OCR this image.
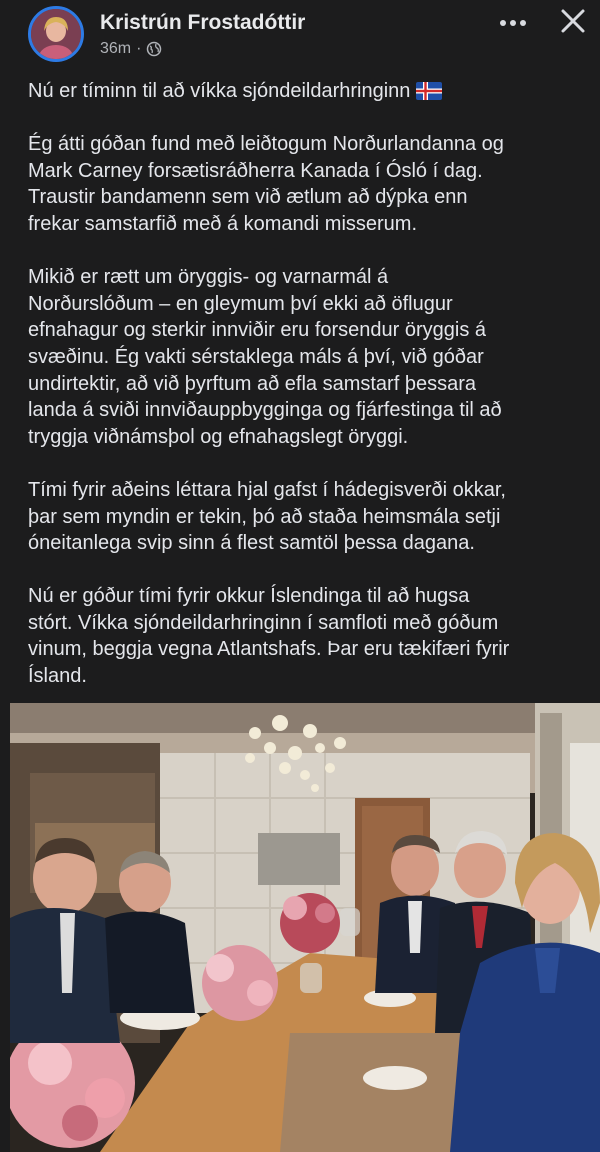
Kristrún Frostadóttir
36m ·

Nú er tíminn til að víkka sjóndeildarhringinn

Ég átti góðan fund með leiðtogum Norðurlandanna og
Mark Carney forsætisráðherra Kanada í Ósló í dag.
Traustir bandamenn sem við ætlum að dýpka enn
frekar samstarfið með á komandi misserum.

Mikið er rætt um öryggis- og varnarmál á
Norðurslóðum – en gleymum því ekki að öflugur
efnahagur og sterkir innviðir eru forsendur öryggis á
svæðinu. Ég vakti sérstaklega máls á því, við góðar
undirtektir, að við þyrftum að efla samstarf þessara
landa á sviði innviðauppbygginga og fjárfestinga til að
tryggja viðnámsþol og efnahagslegt öryggi.

Tími fyrir aðeins léttara hjal gafst í hádegisverði okkar,
þar sem myndin er tekin, þó að staða heimsmála setji
óneitanlega svip sinn á flest samtöl þessa dagana.

Nú er góður tími fyrir okkur Íslendinga til að hugsa
stórt. Víkka sjóndeildarhringinn í samfloti með góðum
vinum, beggja vegna Atlantshafs. Þar eru tækifæri fyrir
Ísland.
